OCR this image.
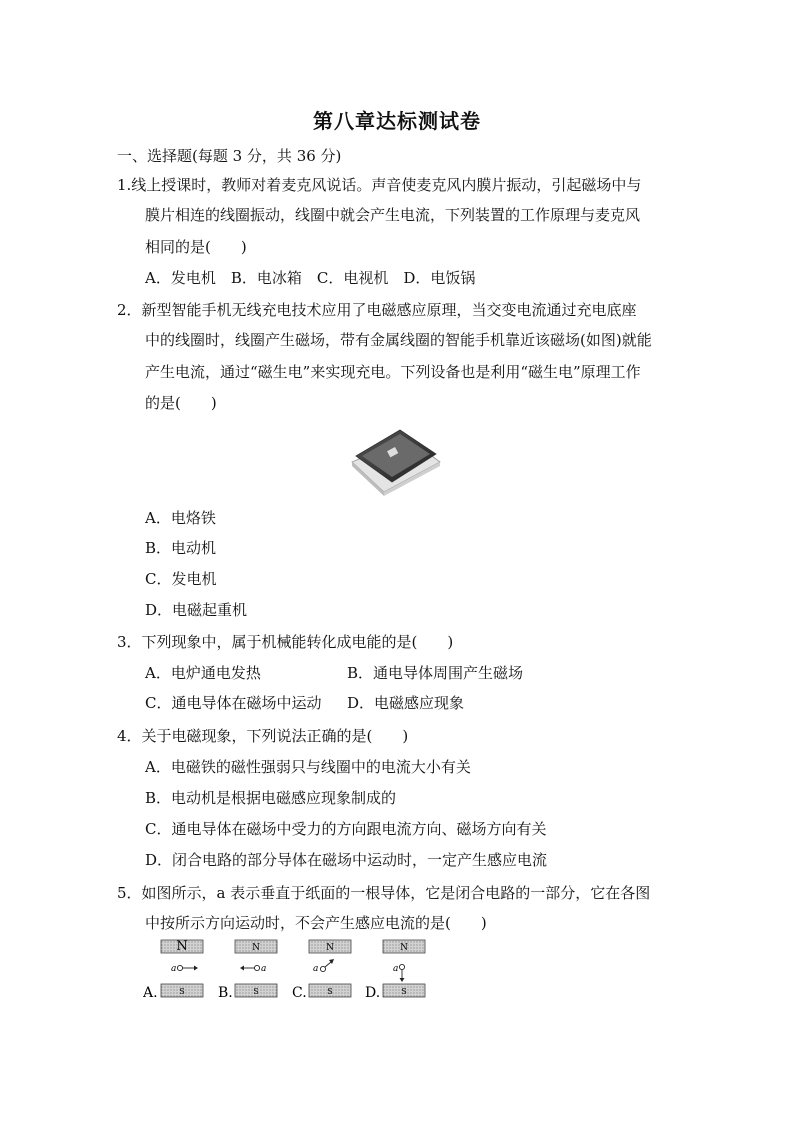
第八章达标测试卷
一、选择题(每题 3 分，共 36 分)
1.线上授课时，教师对着麦克风说话。声音使麦克风内膜片振动，引起磁场中与
膜片相连的线圈振动，线圈中就会产生电流，下列装置的工作原理与麦克风
相同的是(　　)
A．发电机　B．电冰箱　C．电视机　D．电饭锅
2．新型智能手机无线充电技术应用了电磁感应原理，当交变电流通过充电底座
中的线圈时，线圈产生磁场，带有金属线圈的智能手机靠近该磁场(如图)就能
产生电流，通过“磁生电”来实现充电。下列设备也是利用“磁生电”原理工作
的是(　　)
A．电烙铁
B．电动机
C．发电机
D．电磁起重机
3．下列现象中，属于机械能转化成电能的是(　　)
A．电炉通电发热	B．通电导体周围产生磁场
C．通电导体在磁场中运动 D．电磁感应现象
4．关于电磁现象，下列说法正确的是(　　)
A．电磁铁的磁性强弱只与线圈中的电流大小有关
B．电动机是根据电磁感应现象制成的
C．通电导体在磁场中受力的方向跟电流方向、磁场方向有关
D．闭合电路的部分导体在磁场中运动时，一定产生感应电流
5．如图所示，a 表示垂直于纸面的一根导体，它是闭合电路的一部分，它在各图
中按所示方向运动时，不会产生感应电流的是(　　)
N
a
S
A.
N
a
S
B.
N
a
S
C.
N
a
S
D.
